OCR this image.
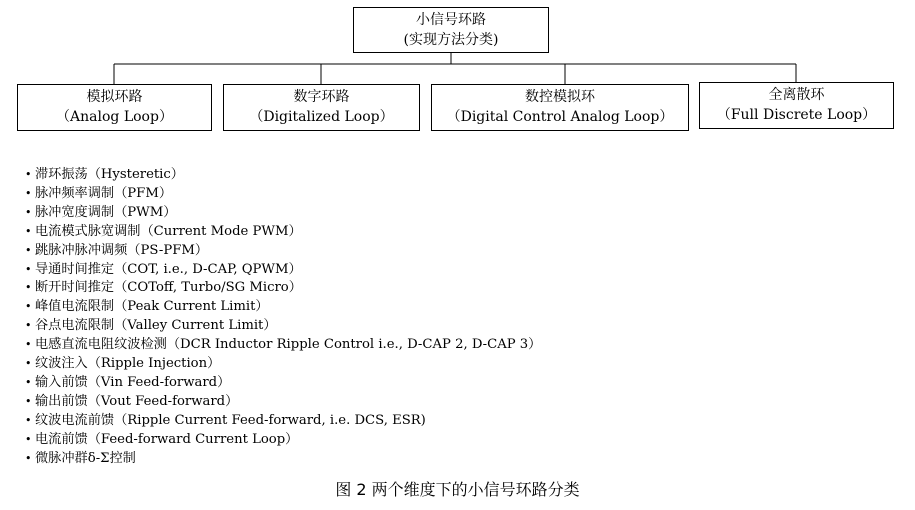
小信号环路
(实现方法分类)
模拟环路
（Analog Loop）
数字环路
（Digitalized Loop）
数控模拟环
（Digital Control Analog Loop）
全离散环
（Full Discrete Loop）
• 滞环振荡（Hysteretic）
• 脉冲频率调制（PFM）
• 脉冲宽度调制（PWM）
• 电流模式脉宽调制（Current Mode PWM）
• 跳脉冲脉冲调频（PS-PFM）
• 导通时间推定（COT, i.e., D-CAP, QPWM）
• 断开时间推定（COToff, Turbo/SG Micro）
• 峰值电流限制（Peak Current Limit）
• 谷点电流限制（Valley Current Limit）
• 电感直流电阻纹波检测（DCR Inductor Ripple Control i.e., D-CAP 2, D-CAP 3）
• 纹波注入（Ripple Injection）
• 输入前馈（Vin Feed-forward）
• 输出前馈（Vout Feed-forward）
• 纹波电流前馈（Ripple Current Feed-forward, i.e. DCS, ESR)
• 电流前馈（Feed-forward Current Loop）
• 微脉冲群δ-Σ控制
图 2 两个维度下的小信号环路分类
